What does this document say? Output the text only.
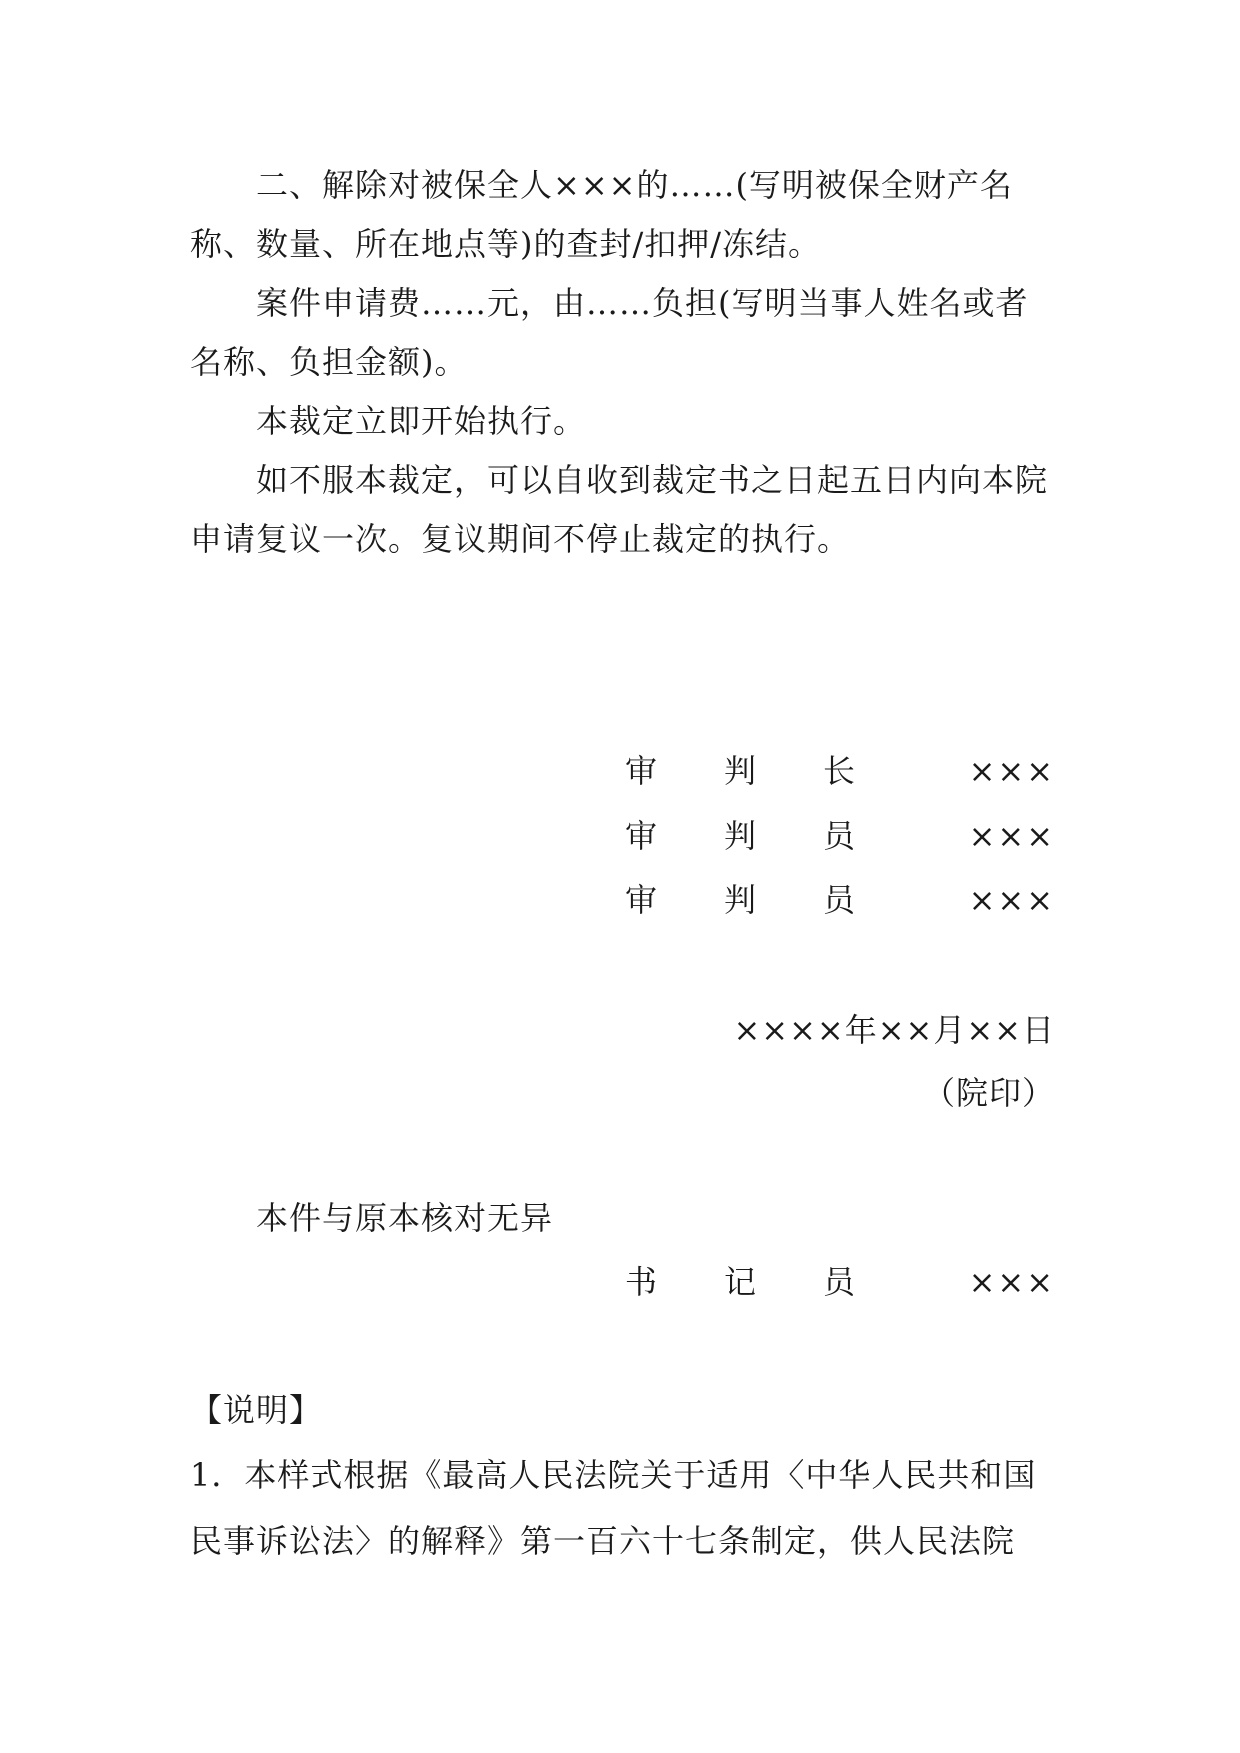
二、解除对被保全人×××的……(写明被保全财产名
称、数量、所在地点等)的查封/扣押/冻结。
案件申请费……元，由……负担(写明当事人姓名或者
名称、负担金额)。
本裁定立即开始执行。
如不服本裁定，可以自收到裁定书之日起五日内向本院
申请复议一次。复议期间不停止裁定的执行。
审 判 长	×××
审 判 员	×××
审 判 员	×××
××××年××月××日
（院印）
本件与原本核对无异
书 记 员	×××
【说明】
1．本样式根据《最高人民法院关于适用〈中华人民共和国
民事诉讼法〉的解释》第一百六十七条制定，供人民法院
